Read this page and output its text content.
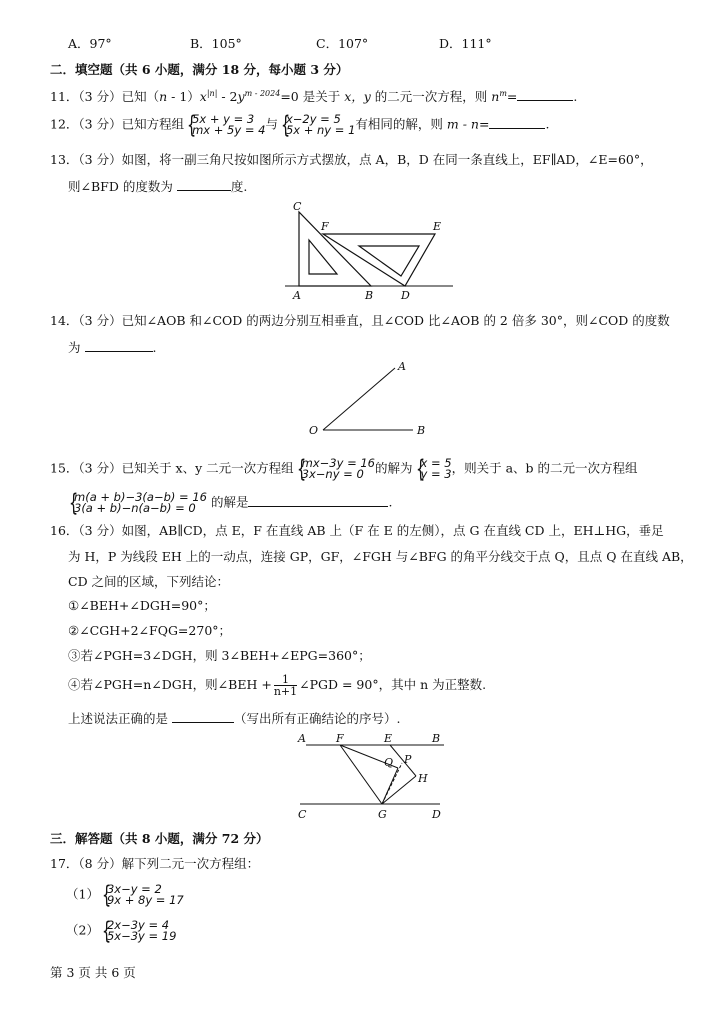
A．97°	B．105°	C．107°	D．111°
二．填空题（共 6 小题，满分 18 分，每小题 3 分）
11．（3 分）已知$(n - 1)x^{|n|} - 2y^{m - 2024}=0$ 是关于 x，y 的二元一次方程，则 $n^m=$	.
12．（3 分）已知方程组 { 5x + y = 3
mx + 5y = 4 与 { x−2y = 5
5x + ny = 1 有相同的解，则 m - n=	.
13．（3 分）如图，将一副三角尺按如图所示方式摆放，点 A，B，D 在同一条直线上，EF∥AD，∠E=60°，
则∠BFD 的度数为	度.
C
F	E
A	B	D
14．（3 分）已知∠AOB 和∠COD 的两边分别互相垂直，且∠COD 比∠AOB 的 2 倍多 30°，则∠COD 的度数
为	.
A
O	B
15．（3 分）已知关于 x、y 二元一次方程组 { mx−3y = 16
3x−ny = 0 的解为 { x = 5
y = 3 ，则关于 a、b 的二元一次方程组
{ m(a + b)−3(a−b) = 16
3(a + b)−n(a−b) = 0	的解是	.
16．（3 分）如图，AB∥CD，点 E，F 在直线 AB 上（F 在 E 的左侧），点 G 在直线 CD 上，EH⊥HG，垂足
为 H，P 为线段 EH 上的一动点，连接 GP，GF，∠FGH 与∠BFG 的角平分线交于点 Q，且点 Q 在直线 AB，
CD 之间的区域，下列结论：
①∠BEH+∠DGH=90°；
②∠CGH+2∠FQG=270°；
③若∠PGH=3∠DGH，则 3∠BEH+∠EPG=360°；
④若∠PGH=n∠DGH，则∠BEH + $\frac{1}{n+1}$ ∠PGD = 90°，其中 n 为正整数.
上述说法正确的是	（写出所有正确结论的序号）.
A	F	E	B
P
Q
H
C	G	D
三．解答题（共 8 小题，满分 72 分）
17．（8 分）解下列二元一次方程组：
（1） { 3x−y = 2
9x + 8y = 17
（2） { 2x−3y = 4
5x−3y = 19
第 3 页 共 6 页
